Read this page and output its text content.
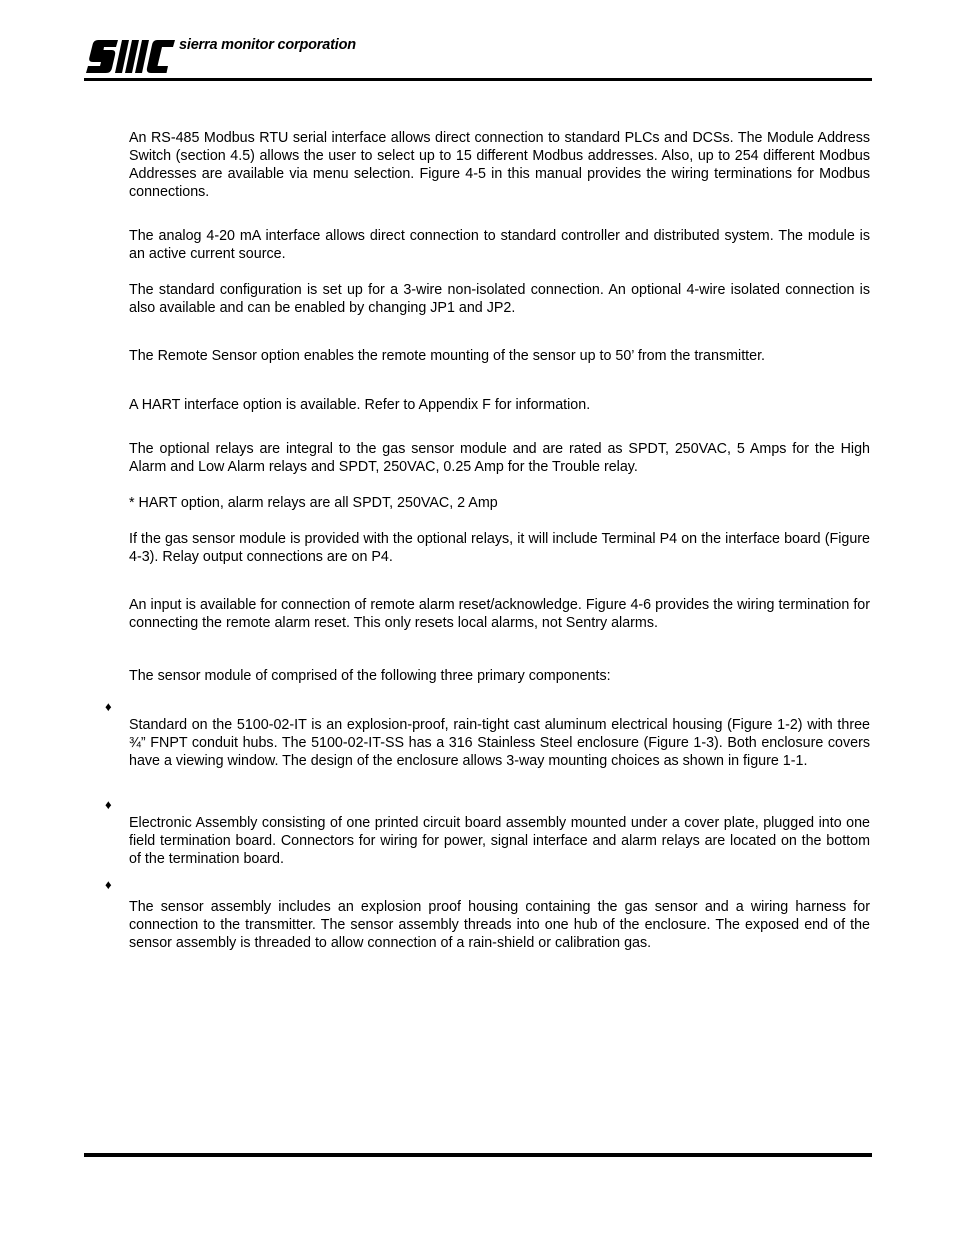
sierra monitor corporation

An RS-485 Modbus RTU serial interface allows direct connection to standard PLCs and DCSs. The Module Address Switch (section 4.5) allows the user to select up to 15 different Modbus addresses. Also, up to 254 different Modbus Addresses are available via menu selection. Figure 4-5 in this manual provides the wiring terminations for Modbus connections.

The analog 4-20 mA interface allows direct connection to standard controller and distributed system. The module is an active current source.

The standard configuration is set up for a 3-wire non-isolated connection. An optional 4-wire isolated connection is also available and can be enabled by changing JP1 and JP2.

The Remote Sensor option enables the remote mounting of the sensor up to 50’ from the transmitter.

A HART interface option is available. Refer to Appendix F for information.

The optional relays are integral to the gas sensor module and are rated as SPDT, 250VAC, 5 Amps for the High Alarm and Low Alarm relays and SPDT, 250VAC, 0.25 Amp for the Trouble relay.

* HART option, alarm relays are all SPDT, 250VAC, 2 Amp

If the gas sensor module is provided with the optional relays, it will include Terminal P4 on the interface board (Figure 4-3). Relay output connections are on P4.

An input is available for connection of remote alarm reset/acknowledge. Figure 4-6 provides the wiring termination for connecting the remote alarm reset. This only resets local alarms, not Sentry alarms.

The sensor module of comprised of the following three primary components:

♦

Standard on the 5100-02-IT is an explosion-proof, rain-tight cast aluminum electrical housing (Figure 1-2) with three ¾” FNPT conduit hubs. The 5100-02-IT-SS has a 316 Stainless Steel enclosure (Figure 1-3). Both enclosure covers have a viewing window. The design of the enclosure allows 3-way mounting choices as shown in figure 1-1.

♦

Electronic Assembly consisting of one printed circuit board assembly mounted under a cover plate, plugged into one field termination board. Connectors for wiring for power, signal interface and alarm relays are located on the bottom of the termination board.

♦

The sensor assembly includes an explosion proof housing containing the gas sensor and a wiring harness for connection to the transmitter. The sensor assembly threads into one hub of the enclosure. The exposed end of the sensor assembly is threaded to allow connection of a rain-shield or calibration gas.
